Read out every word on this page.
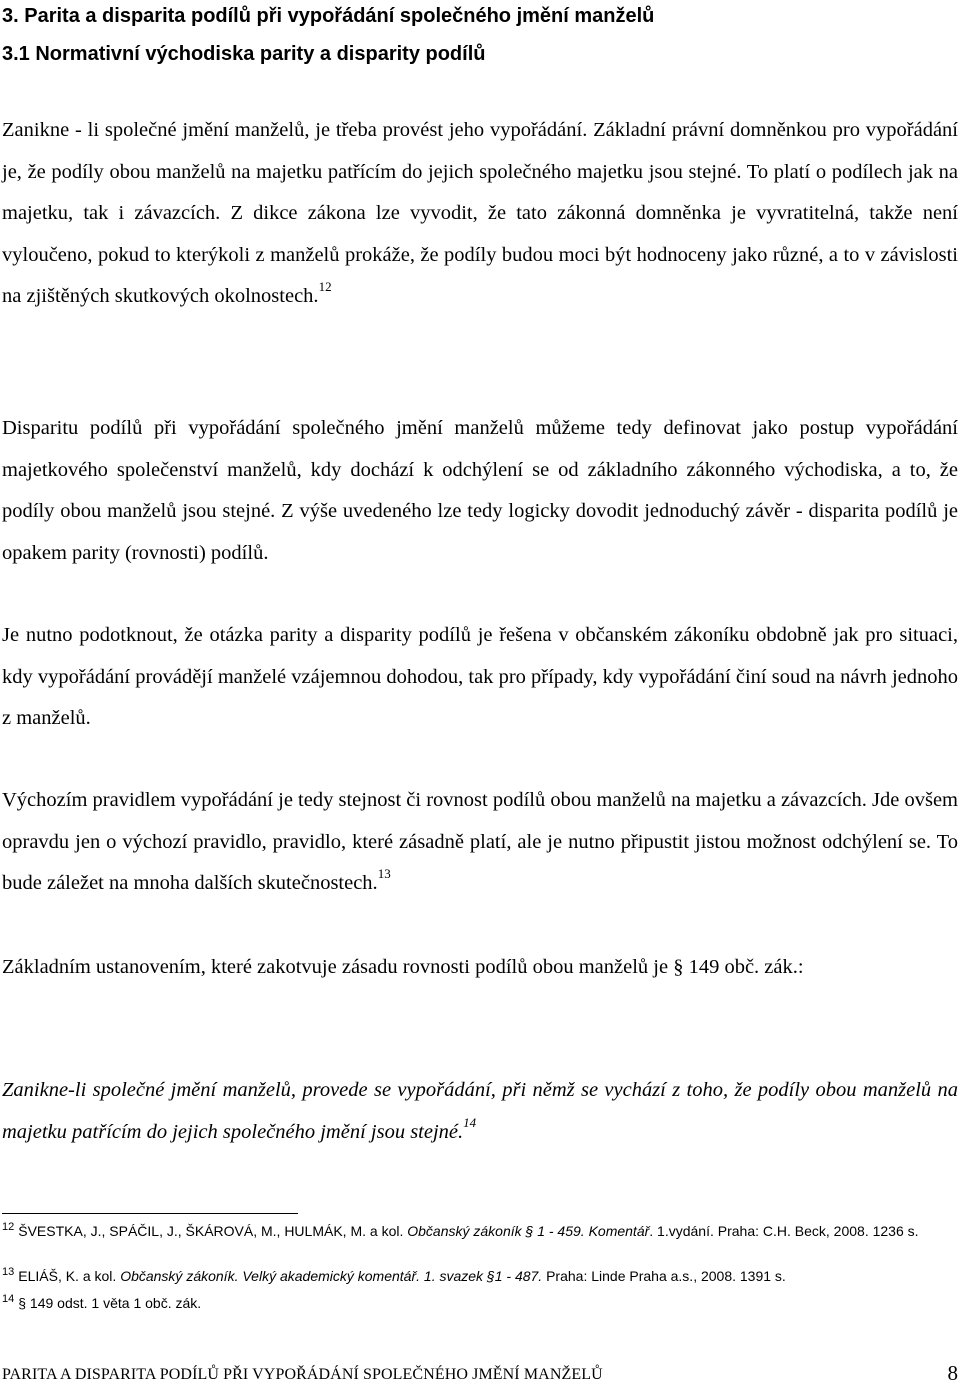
3. Parita a disparita podílů při vypořádání společného jmění manželů
3.1 Normativní východiska parity a disparity podílů
Zanikne - li společné jmění manželů, je třeba provést jeho vypořádání. Základní právní domněnkou pro vypořádání je, že podíly obou manželů na majetku patřícím do jejich společného majetku jsou stejné. To platí o podílech jak na majetku, tak i závazcích. Z dikce zákona lze vyvodit, že tato zákonná domněnka je vyvratitelná, takže není vyloučeno, pokud to kterýkoli z manželů prokáže, že podíly budou moci být hodnoceny jako různé, a to v závislosti na zjištěných skutkových okolnostech.$^{12}$
Disparitu podílů při vypořádání společného jmění manželů můžeme tedy definovat jako postup vypořádání majetkového společenství manželů, kdy dochází k odchýlení se od základního zákonného východiska, a to, že podíly obou manželů jsou stejné. Z výše uvedeného lze tedy logicky dovodit jednoduchý závěr - disparita podílů je opakem parity (rovnosti) podílů.
Je nutno podotknout, že otázka parity a disparity podílů je řešena v občanském zákoníku obdobně jak pro situaci, kdy vypořádání provádějí manželé vzájemnou dohodou, tak pro případy, kdy vypořádání činí soud na návrh jednoho z manželů.
Výchozím pravidlem vypořádání je tedy stejnost či rovnost podílů obou manželů na majetku a závazcích. Jde ovšem opravdu jen o výchozí pravidlo, pravidlo, které zásadně platí, ale je nutno připustit jistou možnost odchýlení se. To bude záležet na mnoha dalších skutečnostech.$^{13}$
Základním ustanovením, které zakotvuje zásadu rovnosti podílů obou manželů je § 149 obč. zák.:
Zanikne-li společné jmění manželů, provede se vypořádání, při němž se vychází z toho, že podíly obou manželů na majetku patřícím do jejich společného jmění jsou stejné.$^{14}$
$^{12}$ ŠVESTKA, J., SPÁČIL, J., ŠKÁROVÁ, M., HULMÁK, M. a kol. Občanský zákoník § 1 - 459. Komentář. 1.vydání. Praha: C.H. Beck, 2008. 1236 s.
$^{13}$ ELIÁŠ, K. a kol. Občanský zákoník. Velký akademický komentář. 1. svazek §1 - 487. Praha: Linde Praha a.s., 2008. 1391 s.
$^{14}$ § 149 odst. 1 věta 1 obč. zák.
PARITA A DISPARITA PODÍLŮ PŘI VYPOŘÁDÁNÍ SPOLEČNÉHO JMĚNÍ MANŽELŮ	8
